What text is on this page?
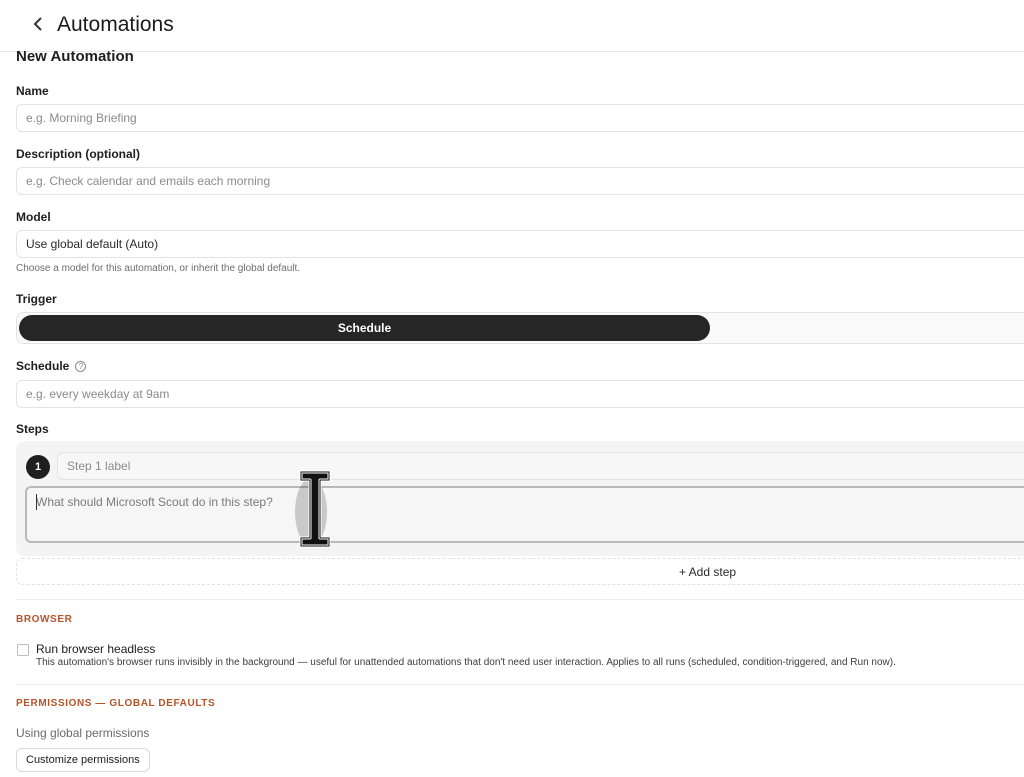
Automations
New Automation
Name
e.g. Morning Briefing
Description (optional)
e.g. Check calendar and emails each morning
Model
Use global default (Auto)
Choose a model for this automation, or inherit the global default.
Trigger
Schedule
Schedule ?
e.g. every weekday at 9am
Steps
1
Step 1 label
What should Microsoft Scout do in this step?
+ Add step
BROWSER
Run browser headless
This automation's browser runs invisibly in the background — useful for unattended automations that don't need user interaction. Applies to all runs (scheduled, condition-triggered, and Run now).
PERMISSIONS — GLOBAL DEFAULTS
Using global permissions
Customize permissions
